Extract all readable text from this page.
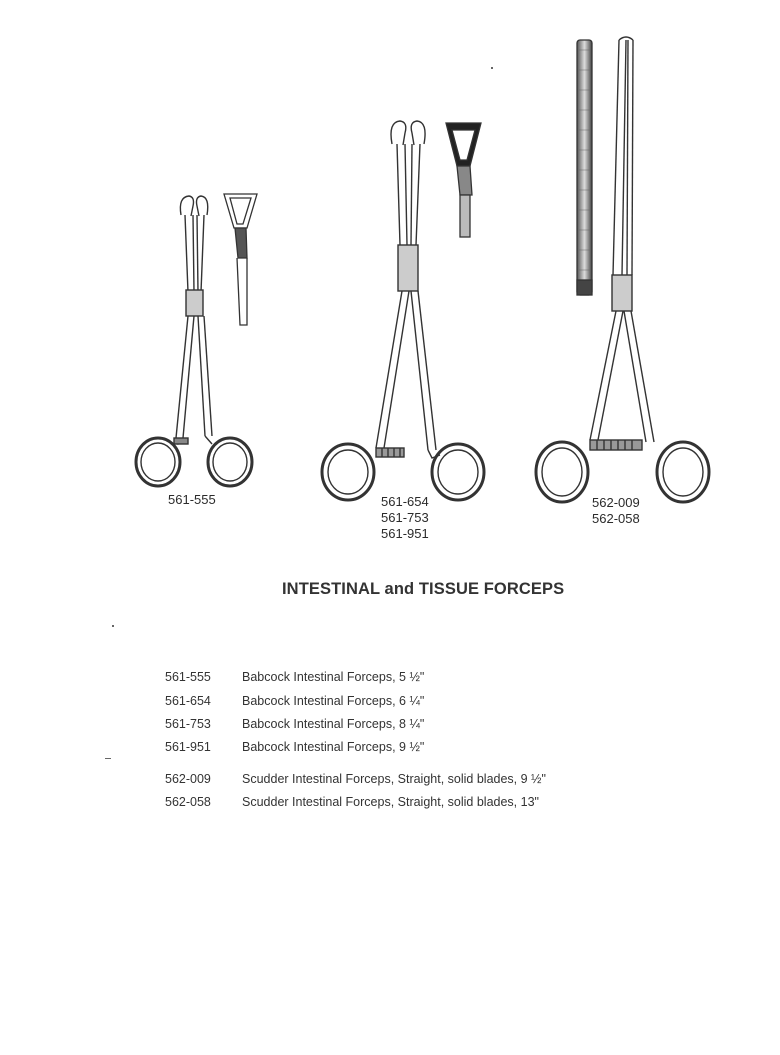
561-555	561-654
561-753
561-951
562-009
562-058
INTESTINAL and TISSUE FORCEPS
561-555 Babcock Intestinal Forceps, 5 ½"
561-654 Babcock Intestinal Forceps, 6 ¼"
561-753 Babcock Intestinal Forceps, 8 ¼"
561-951 Babcock Intestinal Forceps, 9 ½"
562-009 Scudder Intestinal Forceps, Straight, solid blades, 9 ½"
562-058 Scudder Intestinal Forceps, Straight, solid blades, 13"
